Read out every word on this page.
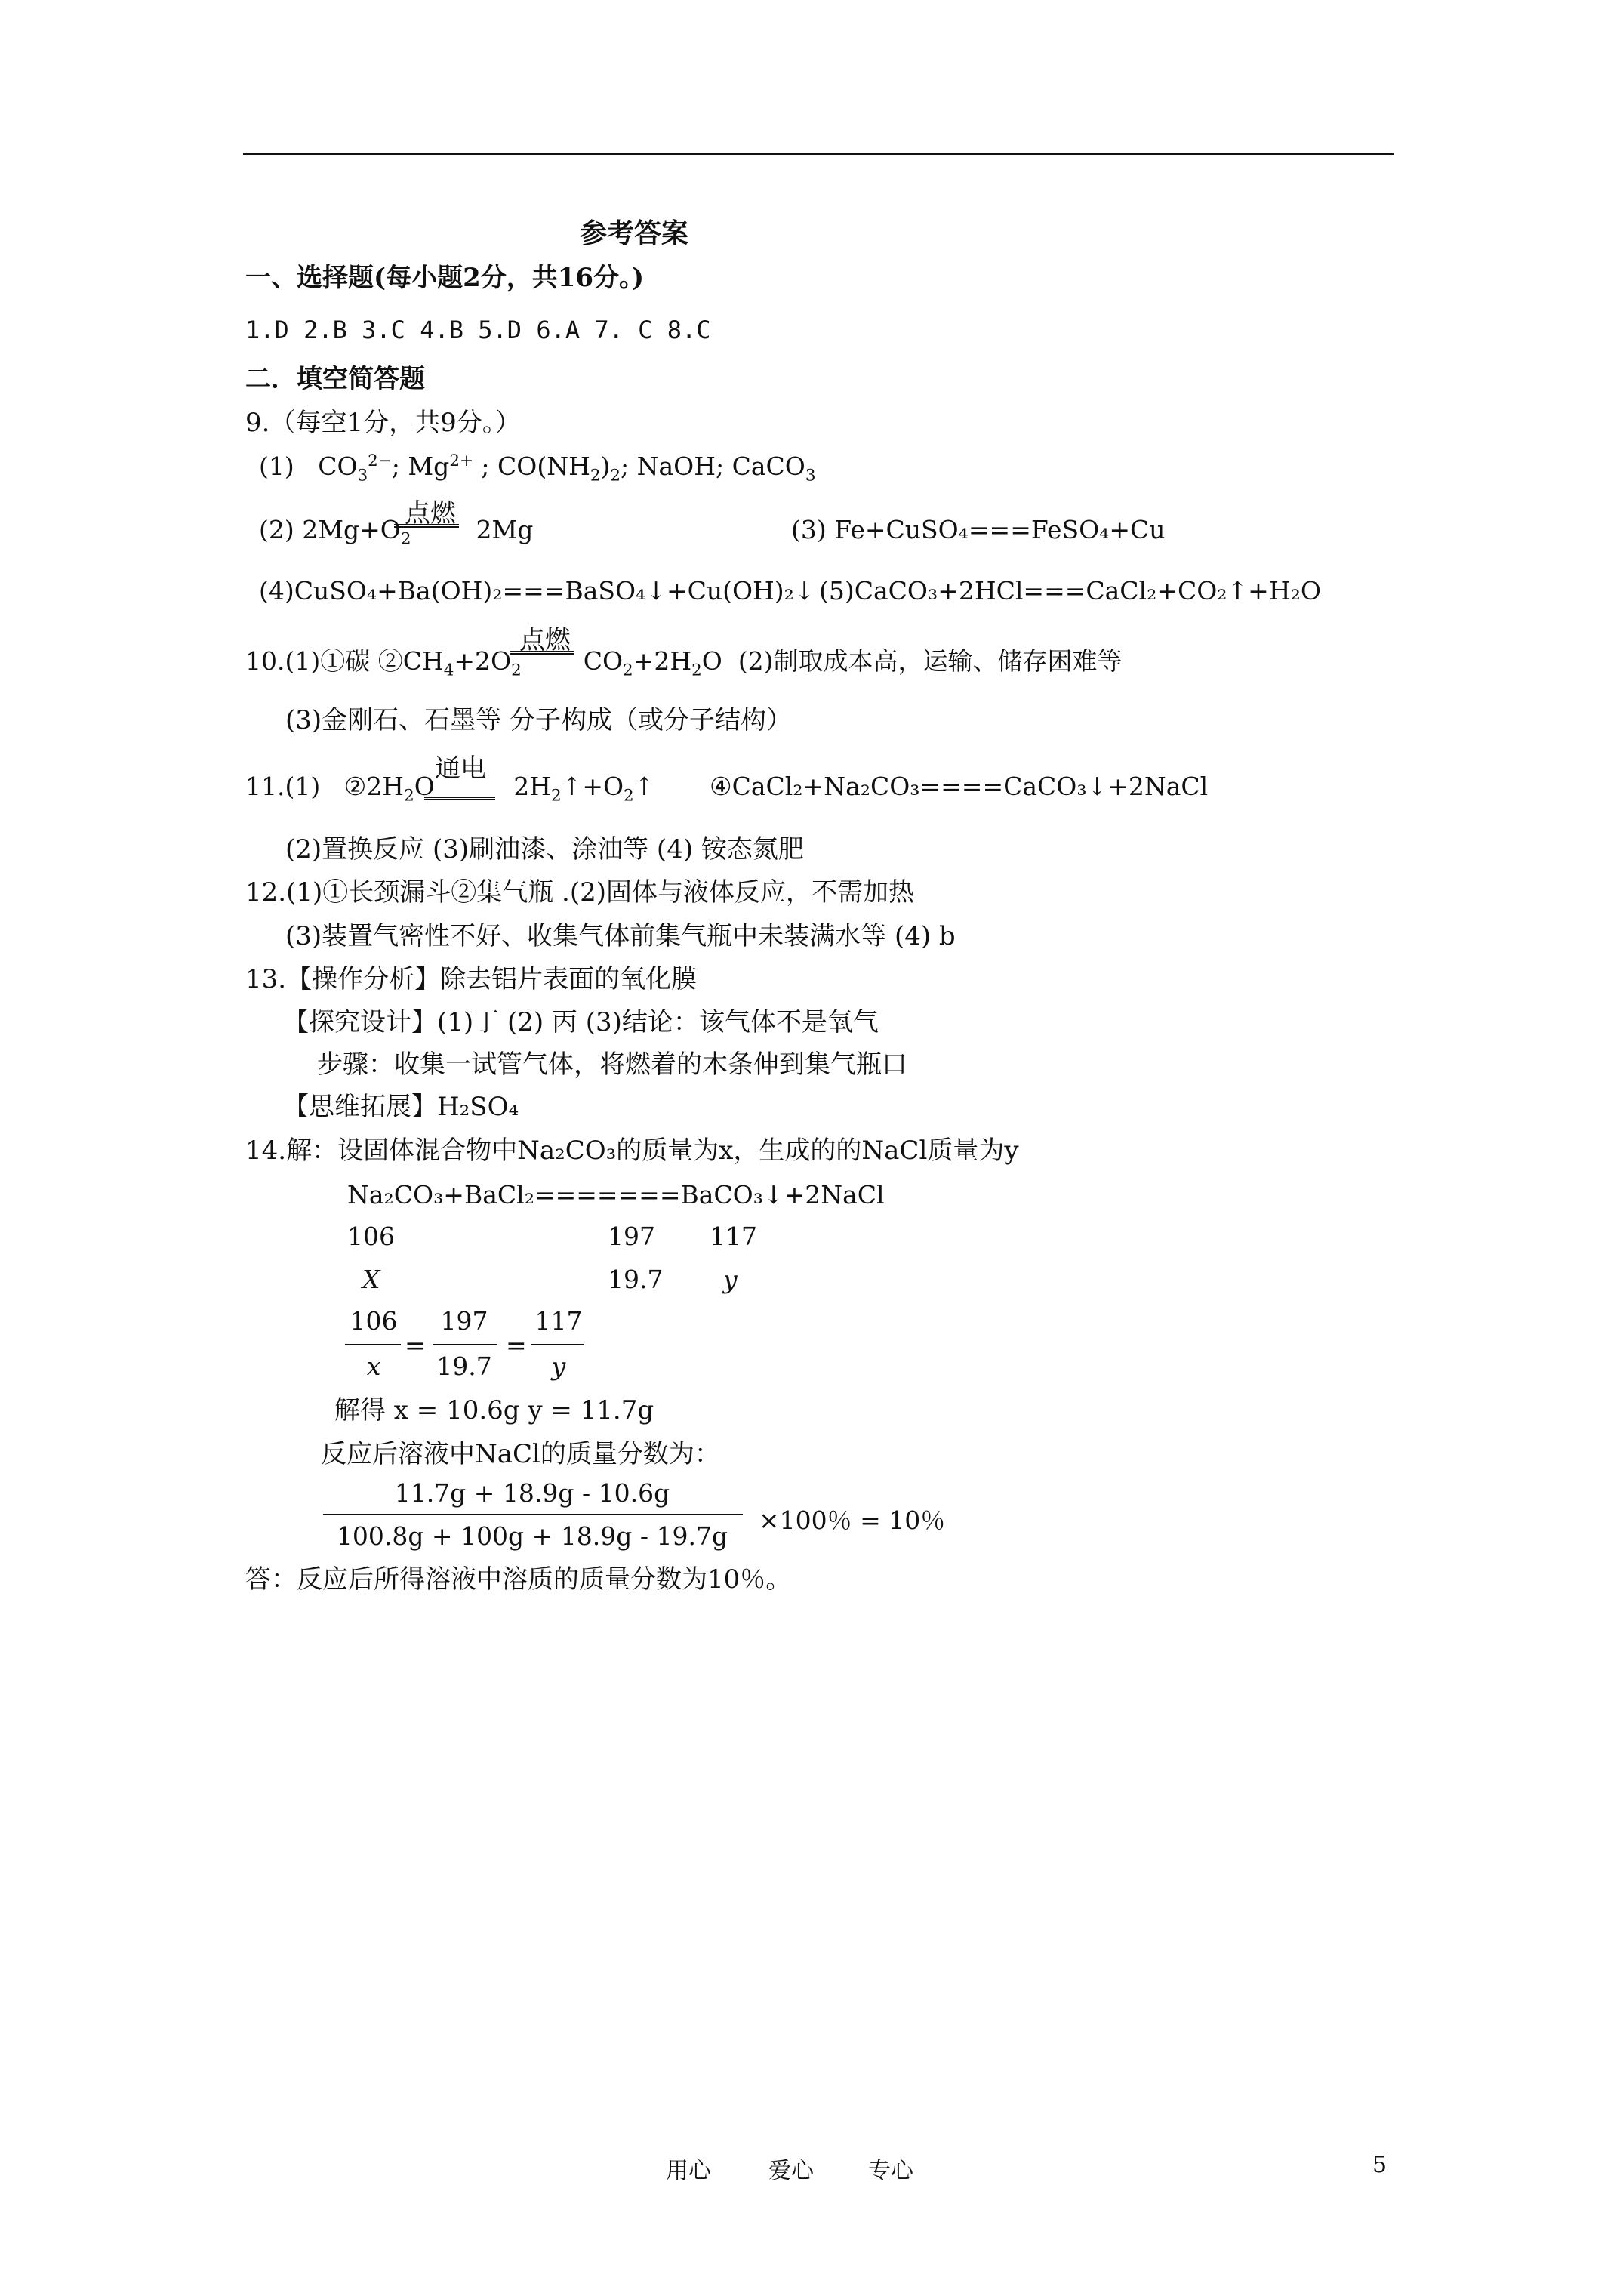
参考答案
一、选择题(每小题2分，共16分。)
1.D 2.B 3.C 4.B 5.D 6.A 7. C 8.C
二．填空简答题
9.（每空1分，共9分。）
(1)   $CO_3^{2-}$; $Mg^{2+}$ ; $CO(NH_2)_2$; NaOH; CaCO$_3$
点燃
(2) $2Mg+O_2$	2Mg	(3) Fe+CuSO₄===FeSO₄+Cu
(4)CuSO₄+Ba(OH)₂===BaSO₄↓+Cu(OH)₂↓ (5)CaCO₃+2HCl===CaCl₂+CO₂↑+H₂O
点燃
10.(1)①碳 $②CH_4+2O_2$ $CO_2+2H_2O$  (2)制取成本高，运输、储存困难等
(3)金刚石、石墨等 分子构成（或分子结构）
通电
11.(1)   $②2H_2O$	$2H_2↑+O_2↑$ ④CaCl₂+Na₂CO₃====CaCO₃↓+2NaCl
(2)置换反应 (3)刷油漆、涂油等 (4) 铵态氮肥
12.(1)①长颈漏斗②集气瓶 .(2)固体与液体反应，不需加热
(3)装置气密性不好、收集气体前集气瓶中未装满水等 (4) b
13.【操作分析】除去铝片表面的氧化膜
【探究设计】(1)丁 (2) 丙 (3)结论：该气体不是氧气
步骤：收集一试管气体，将燃着的木条伸到集气瓶口
【思维拓展】H₂SO₄
14.解：设固体混合物中Na₂CO₃的质量为x，生成的的NaCl质量为y
Na₂CO₃+BaCl₂=======BaCO₃↓+2NaCl
106	197 117
X	19.7 y
106
x
=
197
19.7
=
117
y
解得 x = 10.6g y = 11.7g
反应后溶液中NaCl的质量分数为：
11.7g + 18.9g - 10.6g
100.8g + 100g + 18.9g - 19.7g
×100％ = 10％
答：反应后所得溶液中溶质的质量分数为10％。
用心	爱心 专心	5
